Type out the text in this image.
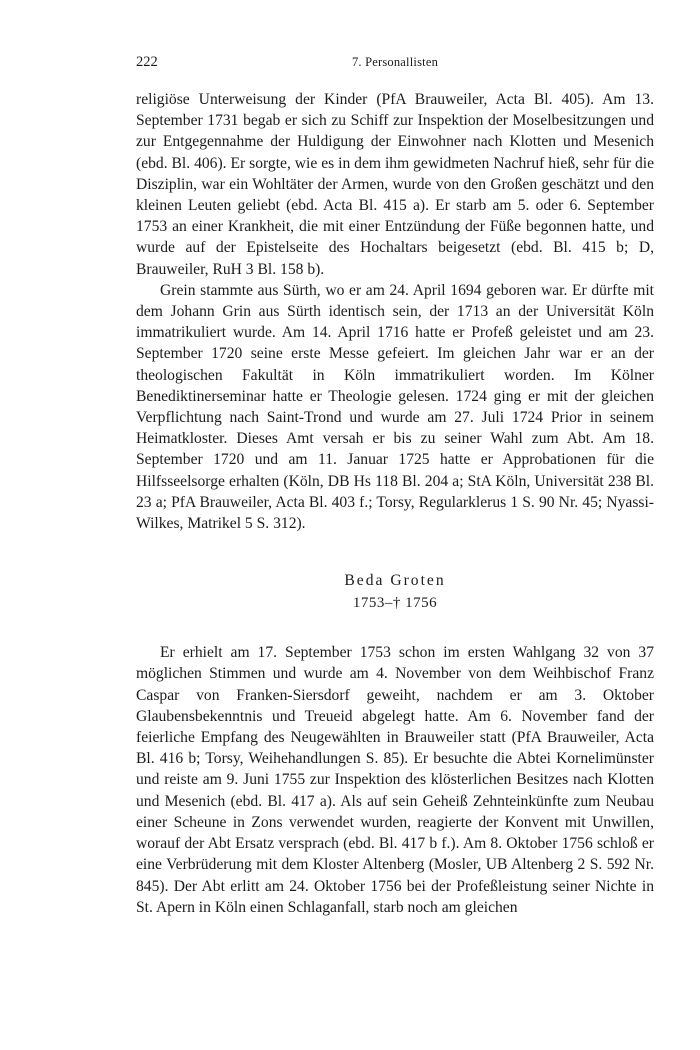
222	7. Personallisten

religiöse Unterweisung der Kinder (PfA Brauweiler, Acta Bl. 405). Am 13. September 1731 begab er sich zu Schiff zur Inspektion der Moselbesitzungen und zur Entgegennahme der Huldigung der Einwohner nach Klotten und Mesenich (ebd. Bl. 406). Er sorgte, wie es in dem ihm gewidmeten Nachruf hieß, sehr für die Disziplin, war ein Wohltäter der Armen, wurde von den Großen geschätzt und den kleinen Leuten geliebt (ebd. Acta Bl. 415 a). Er starb am 5. oder 6. September 1753 an einer Krankheit, die mit einer Entzündung der Füße begonnen hatte, und wurde auf der Epistelseite des Hochaltars beigesetzt (ebd. Bl. 415 b; D, Brauweiler, RuH 3 Bl. 158 b).

Grein stammte aus Sürth, wo er am 24. April 1694 geboren war. Er dürfte mit dem Johann Grin aus Sürth identisch sein, der 1713 an der Universität Köln immatrikuliert wurde. Am 14. April 1716 hatte er Profeß geleistet und am 23. September 1720 seine erste Messe gefeiert. Im gleichen Jahr war er an der theologischen Fakultät in Köln immatrikuliert worden. Im Kölner Benediktinerseminar hatte er Theologie gelesen. 1724 ging er mit der gleichen Verpflichtung nach Saint-Trond und wurde am 27. Juli 1724 Prior in seinem Heimatkloster. Dieses Amt versah er bis zu seiner Wahl zum Abt. Am 18. September 1720 und am 11. Januar 1725 hatte er Approbationen für die Hilfsseelsorge erhalten (Köln, DB Hs 118 Bl. 204 a; StA Köln, Universität 238 Bl. 23 a; PfA Brauweiler, Acta Bl. 403 f.; Torsy, Regularklerus 1 S. 90 Nr. 45; Nyassi-Wilkes, Matrikel 5 S. 312).

Beda Groten
1753–† 1756

Er erhielt am 17. September 1753 schon im ersten Wahlgang 32 von 37 möglichen Stimmen und wurde am 4. November von dem Weihbischof Franz Caspar von Franken-Siersdorf geweiht, nachdem er am 3. Oktober Glaubensbekenntnis und Treueid abgelegt hatte. Am 6. November fand der feierliche Empfang des Neugewählten in Brauweiler statt (PfA Brauweiler, Acta Bl. 416 b; Torsy, Weihehandlungen S. 85). Er besuchte die Abtei Kornelimünster und reiste am 9. Juni 1755 zur Inspektion des klösterlichen Besitzes nach Klotten und Mesenich (ebd. Bl. 417 a). Als auf sein Geheiß Zehnteinkünfte zum Neubau einer Scheune in Zons verwendet wurden, reagierte der Konvent mit Unwillen, worauf der Abt Ersatz versprach (ebd. Bl. 417 b f.). Am 8. Oktober 1756 schloß er eine Verbrüderung mit dem Kloster Altenberg (Mosler, UB Altenberg 2 S. 592 Nr. 845). Der Abt erlitt am 24. Oktober 1756 bei der Profeßleistung seiner Nichte in St. Apern in Köln einen Schlaganfall, starb noch am gleichen
